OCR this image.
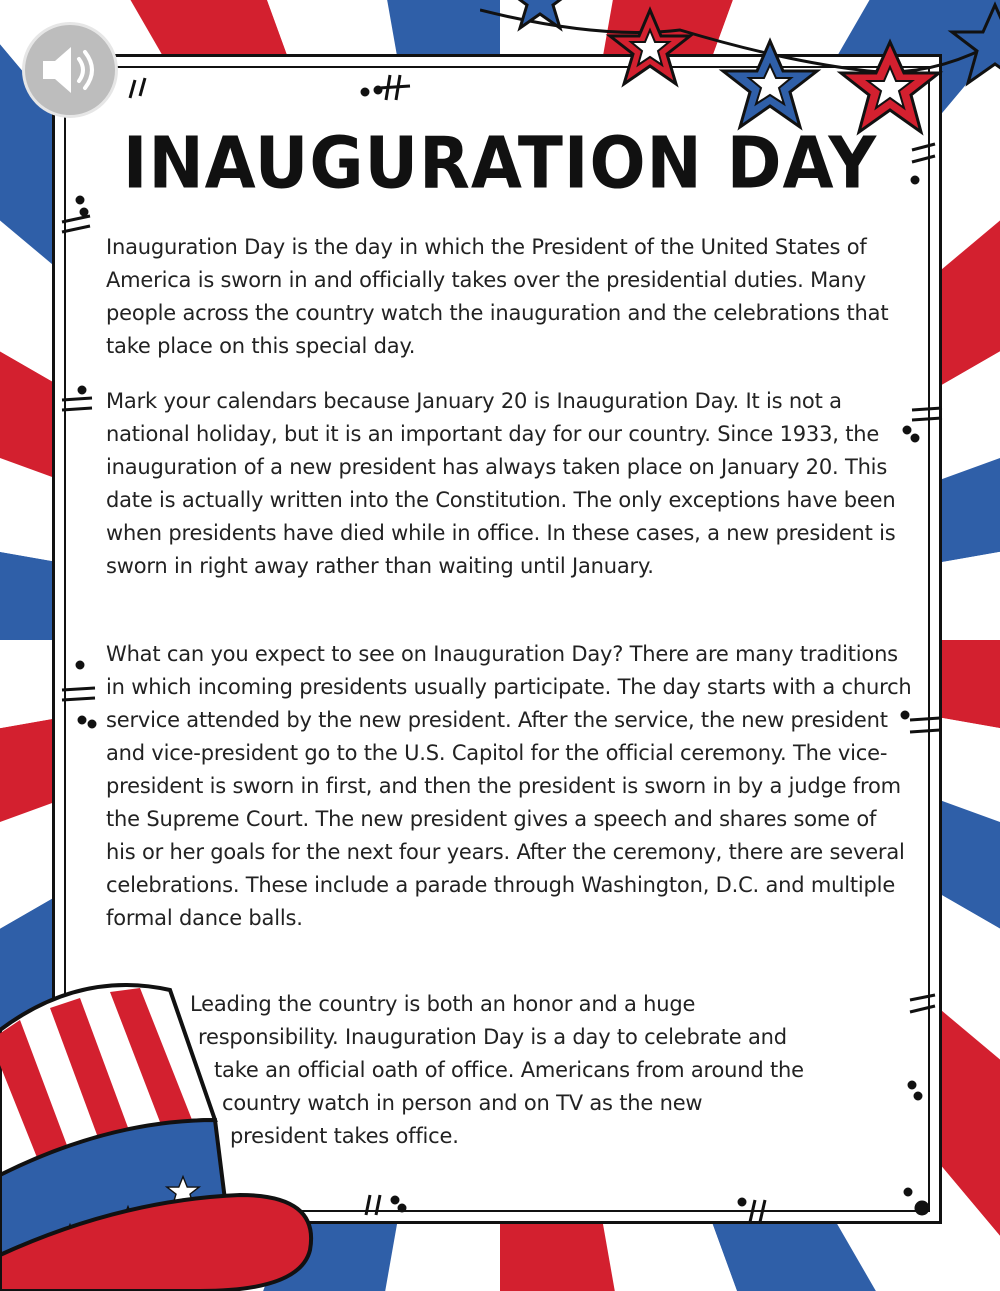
INAUGURATION DAY

Inauguration Day is the day in which the President of the United States of America is sworn in and officially takes over the presidential duties. Many people across the country watch the inauguration and the celebrations that take place on this special day.

Mark your calendars because January 20 is Inauguration Day. It is not a national holiday, but it is an important day for our country. Since 1933, the inauguration of a new president has always taken place on January 20. This date is actually written into the Constitution. The only exceptions have been when presidents have died while in office. In these cases, a new president is sworn in right away rather than waiting until January.

What can you expect to see on Inauguration Day? There are many traditions in which incoming presidents usually participate. The day starts with a church service attended by the new president. After the service, the new president and vice-president go to the U.S. Capitol for the official ceremony. The vice-president is sworn in first, and then the president is sworn in by a judge from the Supreme Court. The new president gives a speech and shares some of his or her goals for the next four years. After the ceremony, there are several celebrations. These include a parade through Washington, D.C. and multiple formal dance balls.

Leading the country is both an honor and a huge
responsibility. Inauguration Day is a day to celebrate and
take an official oath of office. Americans from around the
country watch in person and on TV as the new
president takes office.
